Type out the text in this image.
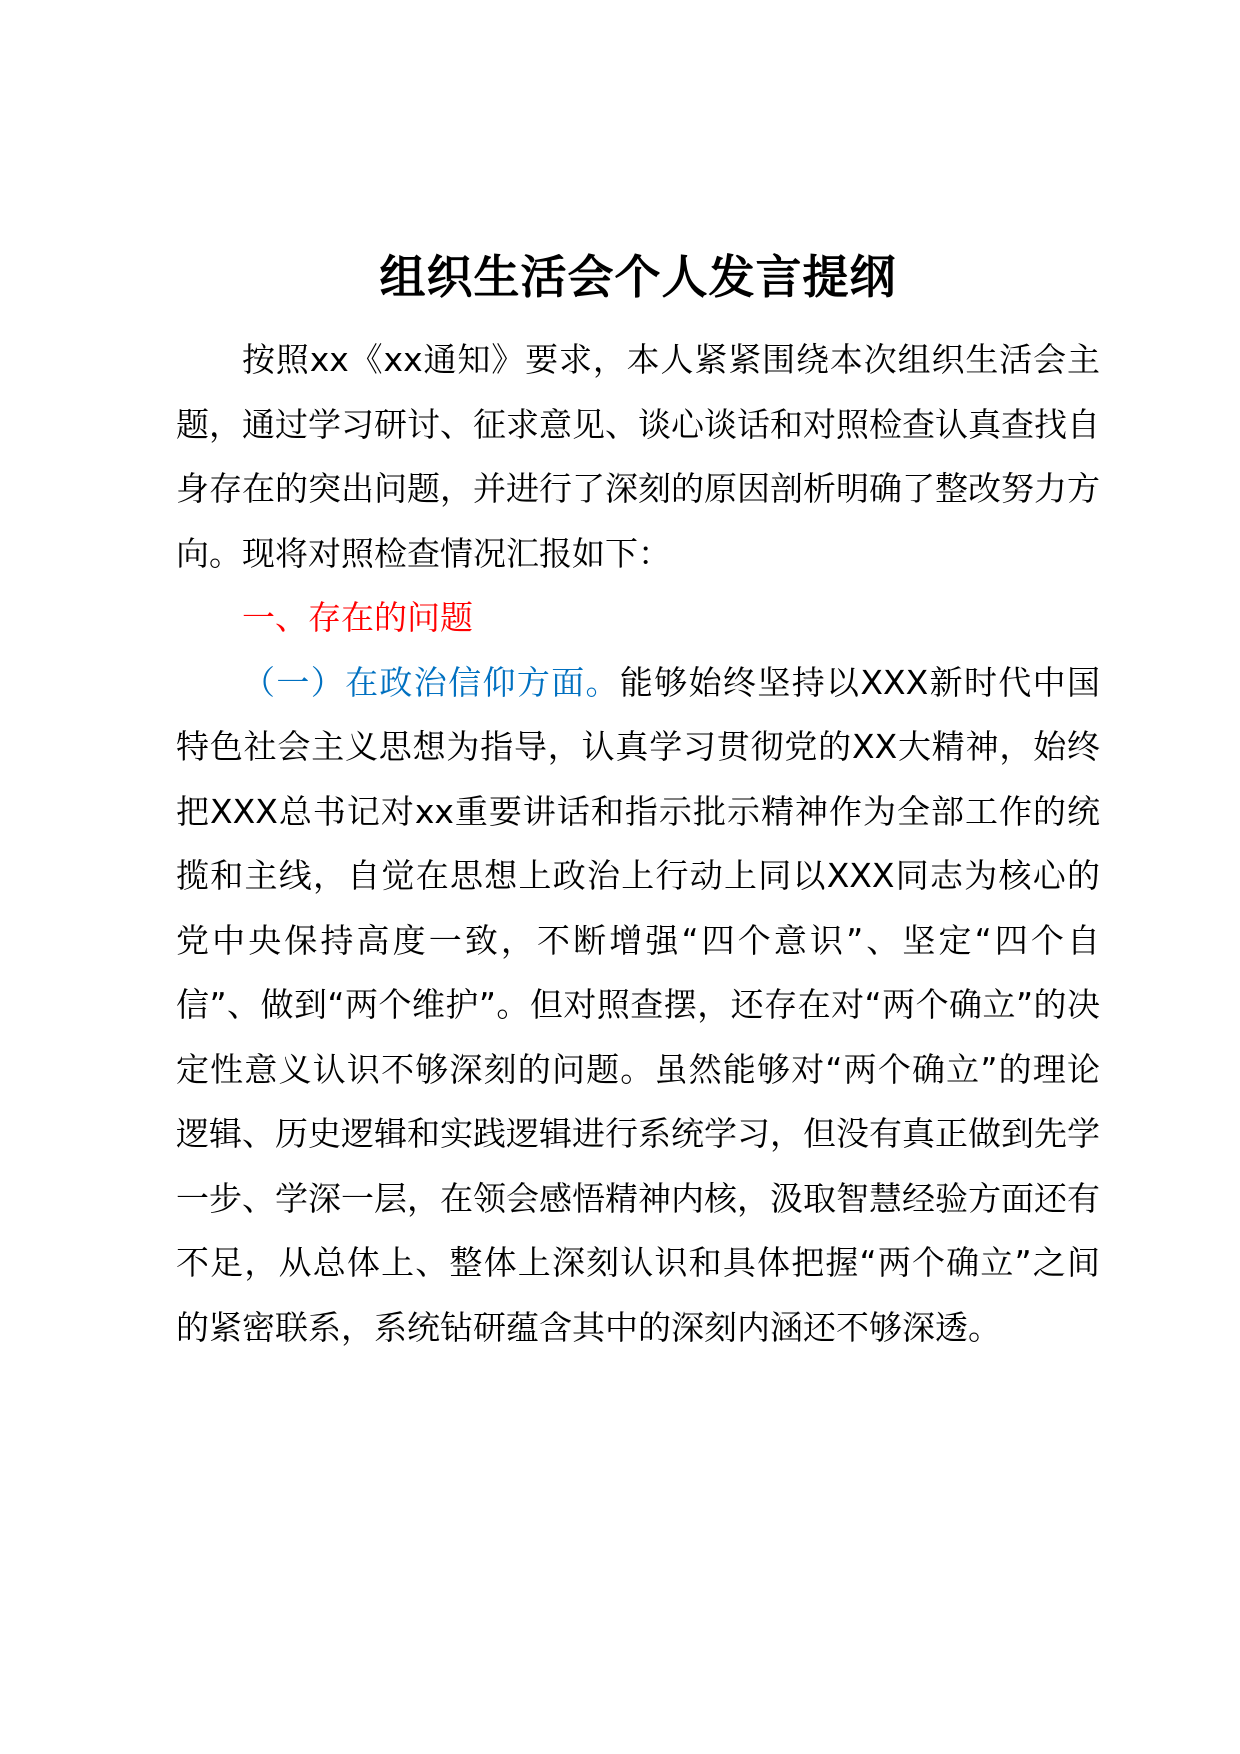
组织生活会个人发言提纲

按照xx《xx通知》要求，本人紧紧围绕本次组织生活会主题，通过学习研讨、征求意见、谈心谈话和对照检查认真查找自身存在的突出问题，并进行了深刻的原因剖析明确了整改努力方向。现将对照检查情况汇报如下：

一、存在的问题

（一）在政治信仰方面。能够始终坚持以XXX新时代中国特色社会主义思想为指导，认真学习贯彻党的XX大精神，始终把XXX总书记对xx重要讲话和指示批示精神作为全部工作的统揽和主线，自觉在思想上政治上行动上同以XXX同志为核心的党中央保持高度一致，不断增强“四个意识”、坚定“四个自信”、做到“两个维护”。但对照查摆，还存在对“两个确立”的决定性意义认识不够深刻的问题。虽然能够对“两个确立”的理论逻辑、历史逻辑和实践逻辑进行系统学习，但没有真正做到先学一步、学深一层，在领会感悟精神内核，汲取智慧经验方面还有不足，从总体上、整体上深刻认识和具体把握“两个确立”之间的紧密联系，系统钻研蕴含其中的深刻内涵还不够深透。
